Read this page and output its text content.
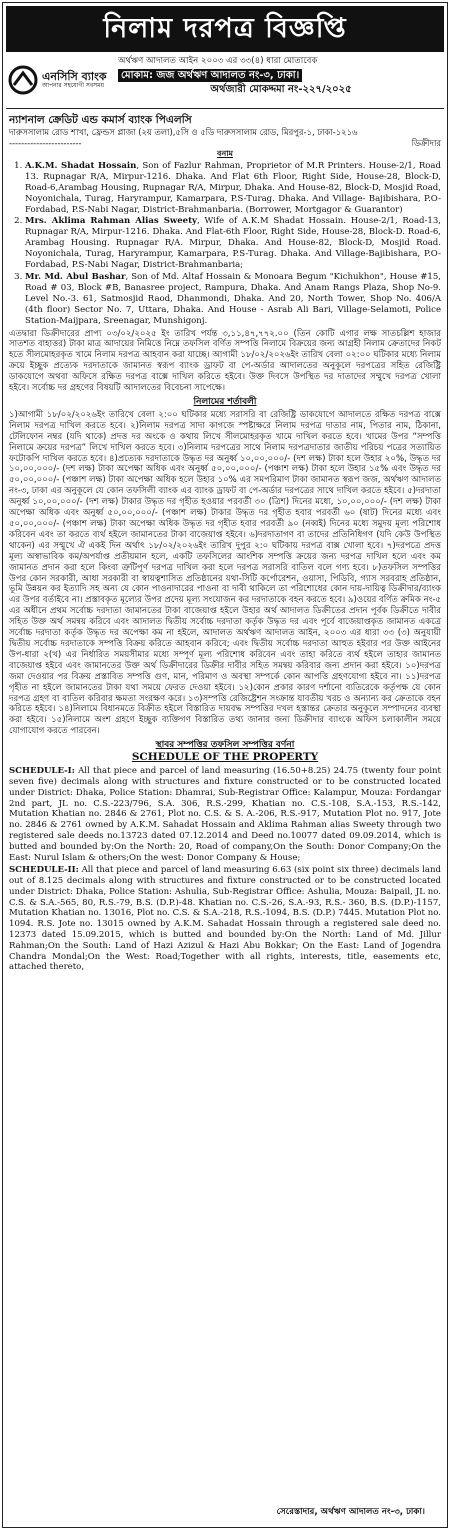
নিলাম দরপত্র বিজ্ঞপ্তি
এনসিসি ব্যাংক
আপনার সহযোগী সবসময়
অর্থঋণ আদালত আইন ২০০৩ এর ৩৩(৪) ধারা মোতাবেক
মোকাম: জজ অর্থঋণ আদালত নং-৩, ঢাকা।
অর্থজারী মোকদ্দমা নং-২২৭/২০২৫
ন্যাশনাল ক্রেডিট এন্ড কমার্স ব্যাংক পিএলসি
দারুসসালাম রোড শাখা, ফ্রেন্ডস প্লাজা (২য় তলা),৫সি ও ৫ডি দারুসসালাম রোড, মিরপুর-১, ঢাকা-১২১৬
------------------------	ডিক্রীদার
বনাম
1. A.K.M. Shadat Hossain, Son of Fazlur Rahman, Proprietor of M.R Printers. House-2/1, Road 13. Rupnagar R/A, Mirpur-1216. Dhaka. And Flat 6th Floor, Right Side, House-28, Block-D, Road-6,Arambag Housing, Rupnagar R/A, Mirpur, Dhaka. And House-82, Block-D, Mosjid Road, Noyonichala, Turag, Haryrampur, Kamarpara, P.S-Turag. Dhaka. And Village- Bajibishara, P.O-Fordabad, P.S-Nabi Nagar, District-Brahmanbaria. (Borrower, Mortgagor & Guarantor)
2. Mrs. Aklima Rahman Alias Sweety, Wife of A.K.M Shadat Hossain. House-2/1, Road-13, Rupnagar R/A, Mirpur-1216. Dhaka. And Flat-6th Floor, Right Side, House-28, Block-D. Road-6, Arambag Housing. Rupnagar R/A. Mirpur, Dhaka. And House-82, Block-D, Mosjid Road. Noyonichala, Turag, Haryrampur, Kamarpara, P.S-Turag. Dhaka. And Village-Bajibishara, P.O-Fordabad, P.S-Nabi Nagar, District-Brahmanbaria;
3. Mr. Md. Abul Bashar, Son of Md. Altaf Hossain & Monoara Begum "Kichukhon", House #15, Road # 03, Block #B, Banasree project, Rampura, Dhaka. And Anam Rangs Plaza, Shop No-9. Level No.-3. 61, Satmosjid Raod, Dhanmondi, Dhaka. And 20, North Tower, Shop No. 406/A (4th floor) Sector No. 7, Uttara, Dhaka. And House - Asrab Ali Bari, Village-Selamoti, Police Station-Maijpara, Sreenagar, Munshigonj.
এতদ্বারা ডিক্রীদারের প্রাপ্য ০৩/০২/২০২৫ ইং তারিখ পর্যন্ত ৩,১১,৪৭,৭৭২.০০ (তিন কোটি এগার লক্ষ সাতচল্লিশ হাজার সাতশত বাহাত্তর) টাকা মাত্র আদায়ের নিমিত্তে নিম্নে তফসিল বর্ণিত সম্পত্তি নিলামে বিক্রয়ের জন্য আগ্রহী নিলাম ক্রেতাদের নিকট হতে সীলমোহরকৃত খামে নিলাম দরপত্র আহবান করা যাচ্ছে। আগামী ১৮/০২/২০২৬ইং তারিখ বেলা ০২:০০ ঘটিকার মধ্যে নিলাম ক্রয়ে ইচ্ছুক প্রত্যেক দরদাতাকে জামানত স্বরূপ ব্যাংক ড্রাফট বা পে-অর্ডার আদালতের অনুকূলে দরপত্রের সহিত রেজিষ্ট্রি ডাকযোগে অথবা অফিসে রক্ষিত দরপত্র বাক্সে দাখিল করিতে হইবে। উক্ত দিবসে উপস্থিত দর দাতাদের সম্মুখে দরপত্র খোলা হইবে। সর্বোচ্চ দর গ্রহণের বিষয়টি আদালতের বিবেচনা সাপেক্ষে।
নিলামের শর্তাবলী
১)আগামী ১৮/০২/২০২৬ইং তারিখে বেলা ২:০০ ঘটিকার মধ্যে সরাসরি বা রেজিষ্ট্রি ডাকযোগে আদালতে রক্ষিত দরপত্র বাক্সে নিলাম দরপত্র দাখিল করতে হবে। ২)নিলাম দরপত্র সাদা কাগজে স্পষ্টাক্ষরে নিলাম দরপত্র দাতার নাম, পিতার নাম, ঠিকানা, টেলিফোন নম্বর (যদি থাকে) প্রদত্ত দর অংকে ও কথায় লিখে সীলমোহরকৃত খামে দাখিল করতে হবে। খামের উপর “সম্পত্তি নিলামে ক্রয়ের দরপত্র” লিখে দাখিল করতে হবে। ৩)নিলাম দরপত্রের সাথে নিলাম দরপত্রদাতার জাতীয় পরিচয় পত্রের সত্যায়িত ফটোকপি দাখিল করতে হবে। ৪)প্রত্যেক দরদাতাকে উদ্ধৃত দর অনুর্ধ্ব ১০,০০,০০০/- (দশ লক্ষ) টাকা হলে উহার ২০%, উদ্ধৃত দর ১০,০০,০০০/- (দশ লক্ষ) টাকা অপেক্ষা অধিক এবং অনুর্ধ্ব ৫০,০০,০০০/- (পঞ্চাশ লক্ষ) টাকা হলে উহার ১৫% এবং উদ্ধৃত দর ৫০,০০,০০০/- (পঞ্চাশ লক্ষ) টাকা অপেক্ষা অধিক হলে উহার ১০% এর সমপরিমাণ টাকা জামানত স্বরূপ জজ, অর্থঋণ আদালত নং-৩, ঢাকা এর অনুকূলে যে কোন তফসিলী ব্যাংক এর ব্যাংক ড্রাফট বা পে-অর্ডার দরপত্রের সাথে দাখিল করতে হইবে। ৫)দরদাতা অনুর্ধ্ব ১০,০০,০০০/- (দশ লক্ষ) টাকার উদ্ধৃত দর গৃহীত হওয়ার পরবর্তী ৩০ (ত্রিশ) দিনের মধ্যে, ১০,০০,০০০/- (দশ লক্ষ) টাকা অপেক্ষা অধিক এবং অনুর্ধ্ব ৫০,০০,০০০/- (পঞ্চাশ লক্ষ) টাকার উদ্ধৃত দর গৃহীত হবার পরবর্তী ৬০ (ষাট) দিনের মধ্যে এবং ৫০,০০,০০০/- (পঞ্চাশ লক্ষ) টাকা অপেক্ষা অধিক উদ্ধৃত দর গৃহীত হবার পরবর্তী ৯০ (নব্বই) দিনের মধ্যে সমুদয় মূল্য পরিশোধ করিবেন এবং তা করতে ব্যর্থ হইলে জামানতের টাকা বাজেয়াপ্ত হইবে। ৬)দরদাতাগণ বা তাদের প্রতিনিধিগণ (যদি কেউ উপস্থিত থাকেন) এর সম্মুখে ঐ একই দিন অর্থাৎ ১৮/০২/২০২৬ইং তারিখ দুপুর ২:০ ঘটিকায় দরপত্র বাক্স খোলা হবে। ৭)দরপত্রে প্রদত্ত মূল্য অস্বাভাবিক কম/অপর্যাপ্ত প্রতীয়মান হলে, একটি তফসিলের আংশিক সম্পত্তি ক্রয়ের জন্য দরপত্র দাখিল হলে এবং কম জামানত প্রদান করা হলে কিংবা ত্রুটিপূর্ণ দরপত্র দাখিল করা হলে দরপত্র সরাসরি বাতিল বলে গণ্য হবে। ৮)তফসিল সম্পত্তির উপর কোন সরকারী, আধা সরকারী বা স্বায়ত্বশাসিত প্রতিষ্ঠানের যথা-সিটি কর্পোরেশন, ওয়াসা, পিডিবি, গ্যাস সরবরাহ প্রতিষ্ঠান, ভূমি উন্নয়ন কর ইত্যাদি সহ অন্য যে কোন পাওনাদারের পাওনা বা দাবী থাকিলে তা পরিশোধের কোন দায়-দায়িত্ব ডিক্রীদার/ব্যাংক এর উপর বর্তাইবে না। প্রস্তাবকৃত মূল্যের উপর প্রদেয় মূল্য সংযোজন কর দরদাতাকে বহন করতে হবে। ৯)ওয়ের বর্ণিত ক্রমিক নং-৫ এর অধীনে প্রথম সর্বোচ্চ দরদাতা জামানতের টাকা বাজেয়াপ্ত হইলে উহার অর্থ আদালত ডিক্রীতের প্রদান পূর্বক ডিক্রীতে দাবীর সহিত উক্ত অর্থ সমন্বয় করিবে এবং আদালত দ্বিতীয় সর্বোচ্চ দরদাতা কর্তৃক উদ্ধৃত দর এবং পূর্বে বাজেয়াপ্তকৃত জামানত একত্রে সর্বোচ্চ দরদাতা কর্তৃক উদ্ধৃত দর অপেক্ষা কম না হইলে, আদালত অর্থঋণ আদালত আইন, ২০০৩ এর ধারা ৩৩ (৩) অনুযায়ী দ্বিতীয় সর্বোচ্চ দরদাতাকে সম্পত্তি বিক্রয় করিতে আহবান করিবে; এবং দ্বিতীয় সর্বোচ্চ দরদাতা আহুত হইবার পর উক্ত আইনের উপ-ধারা ২(খ) এর নির্ধারিত সময়সীমার মধ্যে সম্পূর্ণ মূল্য পরিশোধ করিবেন এবং তাহা করিতে ব্যর্থ হইলে তাহার জামানত বাজেয়াপ্ত হইবে এবং জামানতের উক্ত অর্থ ডিক্রীদারের ডিক্রীর দাবীর সহিত সমন্বয় করিবার জন্য প্রদান করা হইবে। ১০)দরপত্র জমা দেওয়ার পর বিক্রয় প্রস্তাবিত সম্পত্তি গুণ, মান, পরিমাণ ও অবস্থা সম্পর্কে কোন আপত্তি গ্রহণযোগ্য হইবে না। ১১)দরপত্র গৃহীত না হইলে জামানতের টাকা যথা সময়ে ফেরত দেওয়া হইবে। ১২)কোন প্রকার কারণ দর্শানো ব্যতিরেকে কর্তৃপক্ষ যে কোন দরপত্র গ্রহণ বা বাতিল করিবার ক্ষমতা সংরক্ষণ করে। ১৩)সম্পত্তি রেজিষ্ট্রেশন সংক্রান্ত যাবতীয় খরচ ও অন্যান্য কর ক্রেতাকে বহন করিতে হইবে। ১৪)নিলামে বিধানমতে বিক্রীত হইলে বিস্তারিত দায়বদ্ধ সম্পত্তির দখল হস্তান্তর ক্রেতার অনুকূলে সম্পাদনের ব্যবস্থা করা হইবে। ১৫)নিলামে অংশ গ্রহণে ইচ্ছুক ব্যক্তিগণ বিস্তারিত তথ্য জানার জন্য ডিক্রীদার ব্যাংকে অফিস চলাকালীন সময়ে যোগাযোগ করতে পারবেন।
স্থাবর সম্পত্তির তফসিল সম্পত্তির বর্ণনা
SCHEDULE OF THE PROPERTY
SCHEDULE-I: All that piece and parcel of land measuring (16.50+8.25) 24.75 (twenty four point seven five) decimals along with structures and fixture constructed or to be constructed located under District: Dhaka, Police Station: Dhamrai, Sub-Registrar Office: Kalampur, Mouza: Fordangar 2nd part, JL no. C.S.-223/796, S.A. 306, R.S.-299, Khatian no. C.S.-108, S.A.-153, R.S.-142, Mutation Khatian no. 2846 & 2761, Plot no. C.S. & S. A.-206, R.S.-917, Mutation Plot no. 917, Jote no. 2846 & 2761 owned by A.K.M. Sahadat Hossain and Aklima Rahman alias Sweety through two registered sale deeds no.13723 dated 07.12.2014 and Deed no.10077 dated 09.09.2014, which is butted and bounded by:On the North: 20, Road of company,On the South: Donor Company;On the East: Nurul Islam & others;On the west: Donor Company & House;
SCHEDULE-II: All that piece and parcel of land measuring 6.63 (six point six three) decimals land out of 8.125 decimals along with structures and fixture constructed or to be constructed located under District: Dhaka, Police Station: Ashulia, Sub-Registrar Office: Ashulia, Mouza: Baipail, JL no. C.S. & S.A.-565, 80, R.S.-79, B.S. (D.P.)-48. Khatian no. C.S.-26, S.A.-93, R.S.- 360, B.S. (D.P.)-1157, Mutation Khatian no. 13016, Plot no. C.S. & S.A.-218, R.S.-1094, B.S. (D.P.) 7445. Mutation Plot no. 1094. R.S. Jote no. 13015 owned by A.K.M. Sahadat Hossain through a registered sale deed no. 12373 dated 15.09.2015, which is butted and bounded by:On the North: Land of Md. Jillur Rahman;On the South: Land of Hazi Azizul & Hazi Abu Bokkar; On the East: Land of Jogendra Chandra Mondal;On the West: Road;Together with all rights, interests, title, easements etc, attached thereto,
সেরেস্তাদার, অর্থঋণ আদালত নং-৩, ঢাকা।
